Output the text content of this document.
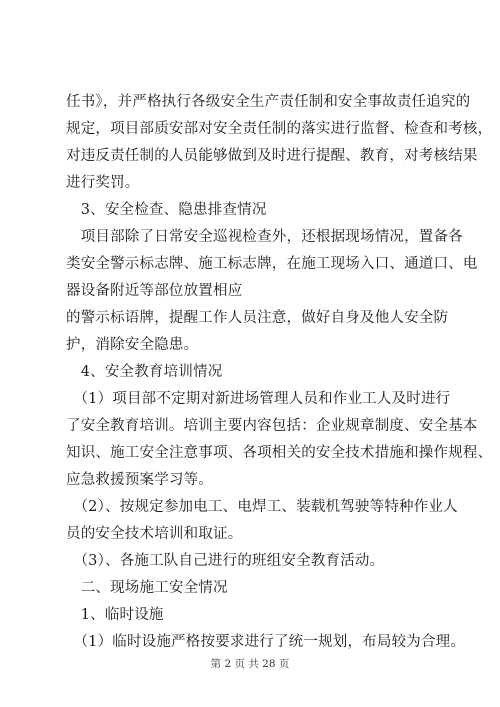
任书》，并严格执行各级安全生产责任制和安全事故责任追究的
规定，项目部质安部对安全责任制的落实进行监督、检查和考核，
对违反责任制的人员能够做到及时进行提醒、教育，对考核结果
进行奖罚。
　3、安全检查、隐患排查情况
　项目部除了日常安全巡视检查外，还根据现场情况，置备各
类安全警示标志牌、施工标志牌，在施工现场入口、通道口、电
器设备附近等部位放置相应
的警示标语牌，提醒工作人员注意，做好自身及他人安全防
护，消除安全隐患。
　4、安全教育培训情况
　（1）项目部不定期对新进场管理人员和作业工人及时进行
了安全教育培训。培训主要内容包括：企业规章制度、安全基本
知识、施工安全注意事项、各项相关的安全技术措施和操作规程、
应急救援预案学习等。
　（2）、按规定参加电工、电焊工、装载机驾驶等特种作业人
员的安全技术培训和取证。
　（3）、各施工队自己进行的班组安全教育活动。
　二、现场施工安全情况
　1、临时设施
　（1）临时设施严格按要求进行了统一规划，布局较为合理。
第 2 页 共 28 页
